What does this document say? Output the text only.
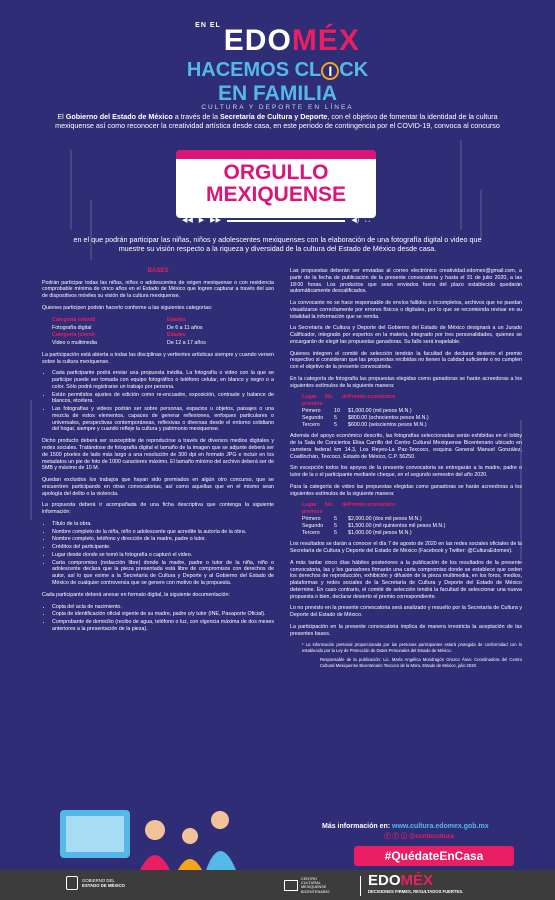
$^{EN EL}$ EDOMÉX
HACEMOS CL I CK
EN FAMILIA
CULTURA Y DEPORTE EN LÍNEA
El Gobierno del Estado de México a través de la Secretaría de Cultura y Deporte, con el objetivo de fomentar la identidad de la cultura mexiquense así como reconocer la creatividad artística desde casa, en este periodo de contingencia por el COVID-19, convoca al concurso
ORGULLO
MEXIQUENSE
◀◀ ▶ ▶▶	◀) ⛶
en el que podrán participar las niñas, niños y adolescentes mexiquenses con la elaboración de una fotografía digital o video que muestre su visión respecto a la riqueza y diversidad de la cultura del Estado de México desde casa.
BASES

Podrán participar todas las niñas, niños o adolescentes de origen mexiquense o con residencia comprobable mínima de cinco años en el Estado de México que logren capturar a través del uso de dispositivos móviles su visión de la cultura mexiquense.

Quienes participen podrán hacerlo conforme a las siguientes categorías:

Categoría infantil	Edades
Fotografía digital	De 6 a 11 años
Categoría juvenil	Edades
Video o multimedia	De 12 a 17 años

La participación está abierta a todas las disciplinas y vertientes artísticas siempre y cuando versen sobre la cultura mexiquense.

• Cada participante podrá enviar una propuesta inédita. La fotografía o video con la que se participe puede ser tomada con equipo fotográfico o teléfono celular, en blanco y negro o a color. Sólo podrá registrarse un trabajo por persona.
• Están permitidos ajustes de edición como re-encuadre, exposición, contraste y balance de blancos, etcétera.
• Las fotografías y videos podrán ser sobre personas, espacios u objetos, paisajes o una mezcla de estos elementos, capaces de generar reflexiones, enfoques particulares o universales, perspectivas contemporáneas, reflexivas o diversas desde el entorno cotidiano del hogar, siempre y cuando refleje la cultura y patrimonio mexiquense.

Dicho producto deberá ser susceptible de reproducirse a través de diversos medios digitales y redes sociales. Tratándose de fotografía digital el tamaño de la imagen que se adjunte deberá ser de 1500 píxeles de lado más largo a una resolución de 300 dpi en formato JPG e incluir en los metadatos un pie de foto de 1000 caracteres máximo. El tamaño mínimo del archivo deberá ser de 5MB y máximo de 10 M.

Quedan excluidos los trabajos que hayan sido premiados en algún otro concurso, que se encuentren participando en otras convocatorias, así como aquellas que en el mismo sean apología del delito o la violencia.

La propuesta deberá ir acompañada de una ficha descriptiva que contenga la siguiente información:

• Título de la obra.
• Nombre completo de la niña, niño o adolescente que acredite la autoría de la obra.
• Nombre completo, teléfono y dirección de la madre, padre o tutor.
• Créditos del participante.
• Lugar desde donde se tomó la fotografía o capturó el video.
• Carta compromiso (redacción libre) donde la madre, padre o tutor de la niña, niño o adolescente declara que la pieza presentada está libre de compromisos con derechos de autor, así lo que exime a la Secretaría de Cultura y Deporte y al Gobierno del Estado de México de cualquier controversia que se genere con motivo de la propuesta.

Cada participante deberá anexar en formato digital, la siguiente documentación:

• Copia del acta de nacimiento.
• Copia de identificación oficial vigente de su madre, padre o/y tutor (INE, Pasaporte Oficial).
• Comprobante de domicilio (recibo de agua, teléfono o luz, con vigencia máxima de dos meses anteriores a la presentación de la pieza).

Las propuestas deberán ser enviadas al correo electrónico creatividad.edomex@gmail.com, a partir de la fecha de publicación de la presente convocatoria y hasta el 31 de julio 2020, a las 18:00 horas. Los productos que sean enviados fuera del plazo establecido quedarán automáticamente descalificados.

La convocante no se hace responsable de envíos fallidos o incompletos, archivos que no puedan visualizarse correctamente por errores físicos o digitales, por lo que se recomienda revisar en su totalidad la información que se remita.

La Secretaría de Cultura y Deporte del Gobierno del Estado de México designará a un Jurado Calificador, integrado por expertos en la materia, integrado por tres personalidades, quienes se encargarán de elegir las propuestas ganadoras. Su fallo será inapelable.

Quienes integren el comité de selección tendrán la facultad de declarar desierto el premio respectivo si consideran que las propuestas recibidas no tienen la calidad suficiente o no cumplen con el objetivo de la presente convocatoria.

En la categoría de fotografía las propuestas elegidas como ganadoras se harán acreedoras a los siguientes estímulos de la siguiente manera:

Lugar No. de premios
Premio económico
Primero	10	$1,000.00 (mil pesos M.N.)
Segundo	5	$800.00 (ochocientos pesos M.N.)
Tercero	5	$600.00 (seiscientos pesos M.N.)

Además del apoyo económico descrito, las fotografías seleccionadas serán exhibidas en el lobby de la Sala de Conciertos Elisa Carrillo del Centro Cultural Mexiquense Bicentenario ubicado en carretera federal km 14.3, Los Reyes-La Paz-Texcoco, esquina General Manuel González, Coatlinchán, Texcoco, Estado de México, C.P. 56250.

Sin excepción todos los apoyos de la presente convocatoria se entregarán a la madre, padre o tutor de la o el participante mediante cheque, en el segundo semestre del año 2020.

Para la categoría de video las propuestas elegidas como ganadoras se harán acreedoras a los siguientes estímulos de la siguiente manera:

Lugar No. de premios
Premio económico
Primero	5	$2,000.00 (dos mil pesos M.N.)
Segundo	5	$1,500.00 (mil quinientos mil pesos M.N.)
Tercero	5	$1,000.00 (mil pesos M.N.)

Los resultados se darán a conocer el día 7 de agosto de 2020 en las redes sociales oficiales de la Secretaría de Cultura y Deporte del Estado de México (Facebook y Twitter: @CulturaEdomex).

A más tardar cinco días hábiles posteriores a la publicación de los resultados de la presente convocatoria, las y los ganadores firmarán una carta compromiso donde se establece que ceden los derechos de reproducción, exhibición y difusión de la pieza multimedia, en los foros, medios, plataformas y redes sociales de la Secretaría de Cultura y Deporte del Estado de México determine. En caso contrario, el comité de selección tendrá la facultad de seleccionar una nueva propuesta o bien, declarar desierto el premio correspondiente.

Lo no previsto en la presente convocatoria será analizado y resuelto por la Secretaría de Cultura y Deporte del Estado de México.

La participación en la presente convocatoria implica de manera irrestricta la aceptación de las presentes bases.

* La información personal proporcionada por las personas participantes estará protegida de conformidad con lo establecido por la Ley de Protección de Datos Personales del Estado de México.
Responsable de la publicación: Lic. María Angélica Mondragón Orozco Área: Coordinadora del Centro Cultural Mexiquense Bicentenario Texcoco de la Mora, Estado de México, julio 2020.
Más información en: www.cultura.edomex.gob.mx
ⓕ ⓣ ⓘ @ccmbcultura
#QuédateEnCasa
GOBIERNO DEL
ESTADO DE MÉXICO
CENTRO
CULTURAL
MEXIQUENSE
BICENTENARIO
EDOMÉX
DECISIONES FIRMES, RESULTADOS FUERTES.
